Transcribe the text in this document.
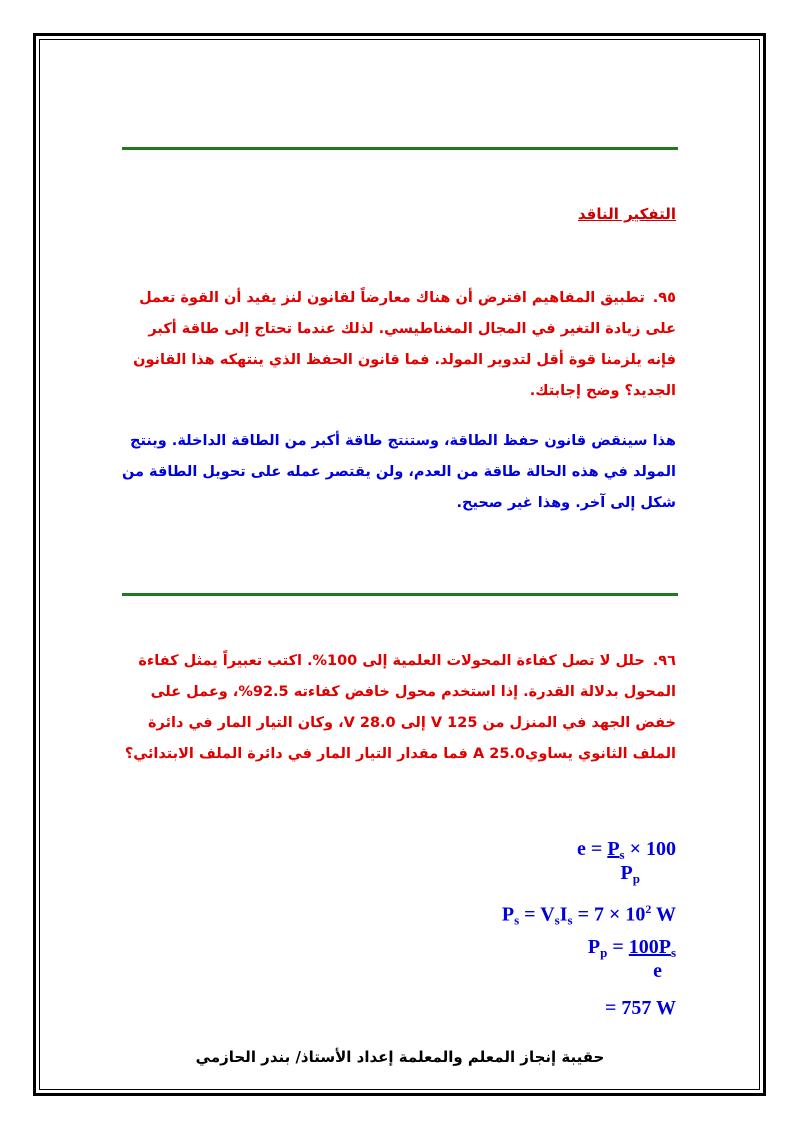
التفكير الناقد
٩٥.تطبيق المفاهيم افترض أن هناك معارضاً لقانون لنز يفيد أن القوة تعمل على زيادة التغير في المجال المغناطيسي. لذلك عندما تحتاج إلى طاقة أكبر فإنه يلزمنا قوة أقل لتدوير المولد. فما قانون الحفظ الذي ينتهكه هذا القانون الجديد؟ وضح إجابتك.
هذا سينقض قانون حفظ الطاقة، وستنتج طاقة أكبر من الطاقة الداخلة. وينتج المولد في هذه الحالة طاقة من العدم، ولن يقتصر عمله على تحويل الطاقة من شكل إلى آخر. وهذا غير صحيح.
٩٦.حلل لا تصل كفاءة المحولات العلمية إلى 100%. اكتب تعبيراً يمثل كفاءة المحول بدلالة القدرة. إذا استخدم محول خافض كفاءته 92.5%، وعمل على خفض الجهد في المنزل من 125 V إلى 28.0 V، وكان التيار المار في دائرة الملف الثانوي يساوي25.0 A فما مقدار التيار المار في دائرة الملف الابتدائي؟
$e = P_s \times 100$
$P_p$
$P_s = V_sI_s = 7 \times 10^2$ W
$P_p = 100P_s$
e
= 757 W
حقيبة إنجاز المعلم والمعلمة إعداد الأستاذ/ بندر الحازمي
